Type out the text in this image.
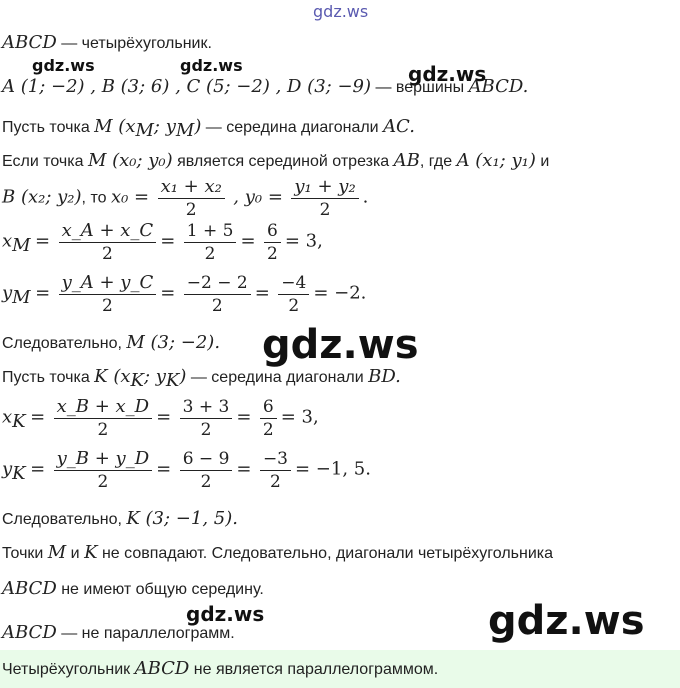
gdz.ws
gdz.ws	gdz.ws	gdz.ws
gdz.ws
gdz.ws	gdz.ws
ABCD — четырёхугольник.
A (1; −2) , B (3; 6) , C (5; −2) , D (3; −9) — вершины ABCD.
Пусть точка M ($x_M$; $y_M$) — середина диагонали AC.
Если точка M (x₀; y₀) является серединой отрезка AB, где A (x₁; y₁) и
B (x₂; y₂), то $x_0 = \frac{\text{x₁ + x₂}}{2}$ , $y_0 = \frac{\text{y₁ + y₂}}{2}$ .
$x_M = \frac{x\_A + x\_C}{2} = \frac{1 + 5}{2} = \frac{6}{2} = 3$,
$y_M = \frac{y\_A + y\_C}{2} = \frac{-2 - 2}{2} = \frac{-4}{2} = -2$.
Следовательно, M (3; −2).
Пусть точка K ($x_K$; $y_K$) — середина диагонали BD.
$x_K = \frac{x\_B + x\_D}{2} = \frac{3 + 3}{2} = \frac{6}{2} = 3$,
$y_K = \frac{y\_B + y\_D}{2} = \frac{6 - 9}{2} = \frac{-3}{2} = -1$, 5.
Следовательно, K (3; −1, 5).
Точки M и K не совпадают. Следовательно, диагонали четырёхугольника
ABCD не имеют общую середину.
ABCD — не параллелограмм.
Четырёхугольник ABCD не является параллелограммом.
